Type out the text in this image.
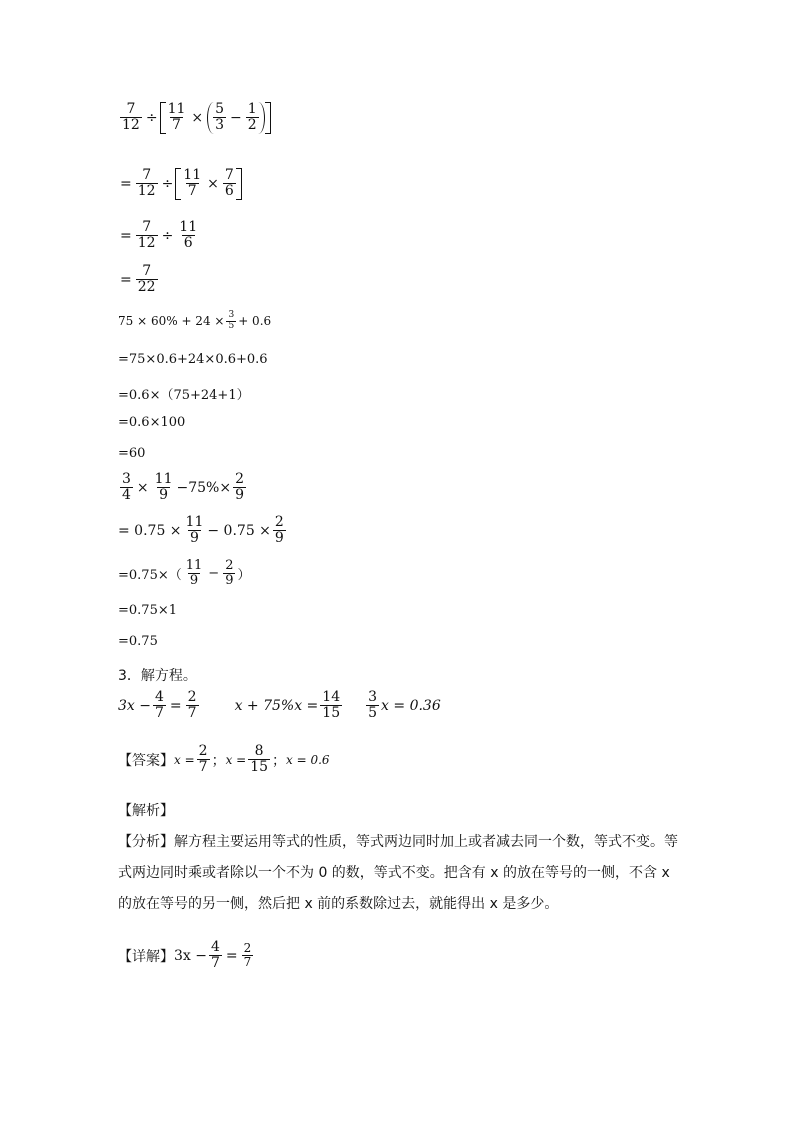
$\frac{7}{12} \div \frac{11}{7} \times \frac{5}{3} - \frac{1}{2}$
= $\frac{7}{12} \div \frac{11}{7} \times \frac{7}{6}$
= $\frac{7}{12} \div \frac{11}{6}$
= $\frac{7}{22}$
$75 \times 60\% + 24 \times \frac{3}{5} + 0.6$
=75×0.6+24×0.6+0.6
=0.6×（75+24+1）
=0.6×100
=60
$\frac{3}{4} \times \frac{11}{9} -75\%\times \frac{2}{9}$
= $0.75 \times \frac{11}{9} - 0.75 \times \frac{2}{9}$
$=0.75\times( \frac{11}{9} - \frac{2}{9}$ ）
=0.75×1
=0.75
3．解方程。
$3x - \frac{4}{7} = \frac{2}{7}$	$x + 75\%x = \frac{14}{15} \frac{3}{5}$ x = 0.36
【答案】 $x = \frac{2}{7}$ ； $x = \frac{8}{15}$ ； x = 0.6
【解析】
【分析】解方程主要运用等式的性质，等式两边同时加上或者减去同一个数，等式不变。等式两边同时乘或者除以一个不为 0 的数，等式不变。把含有 x 的放在等号的一侧，不含 x 的放在等号的另一侧，然后把 x 前的系数除过去，就能得出 x 是多少。
【详解】 $3x - \frac{4}{7} = \frac{2}{7}$
